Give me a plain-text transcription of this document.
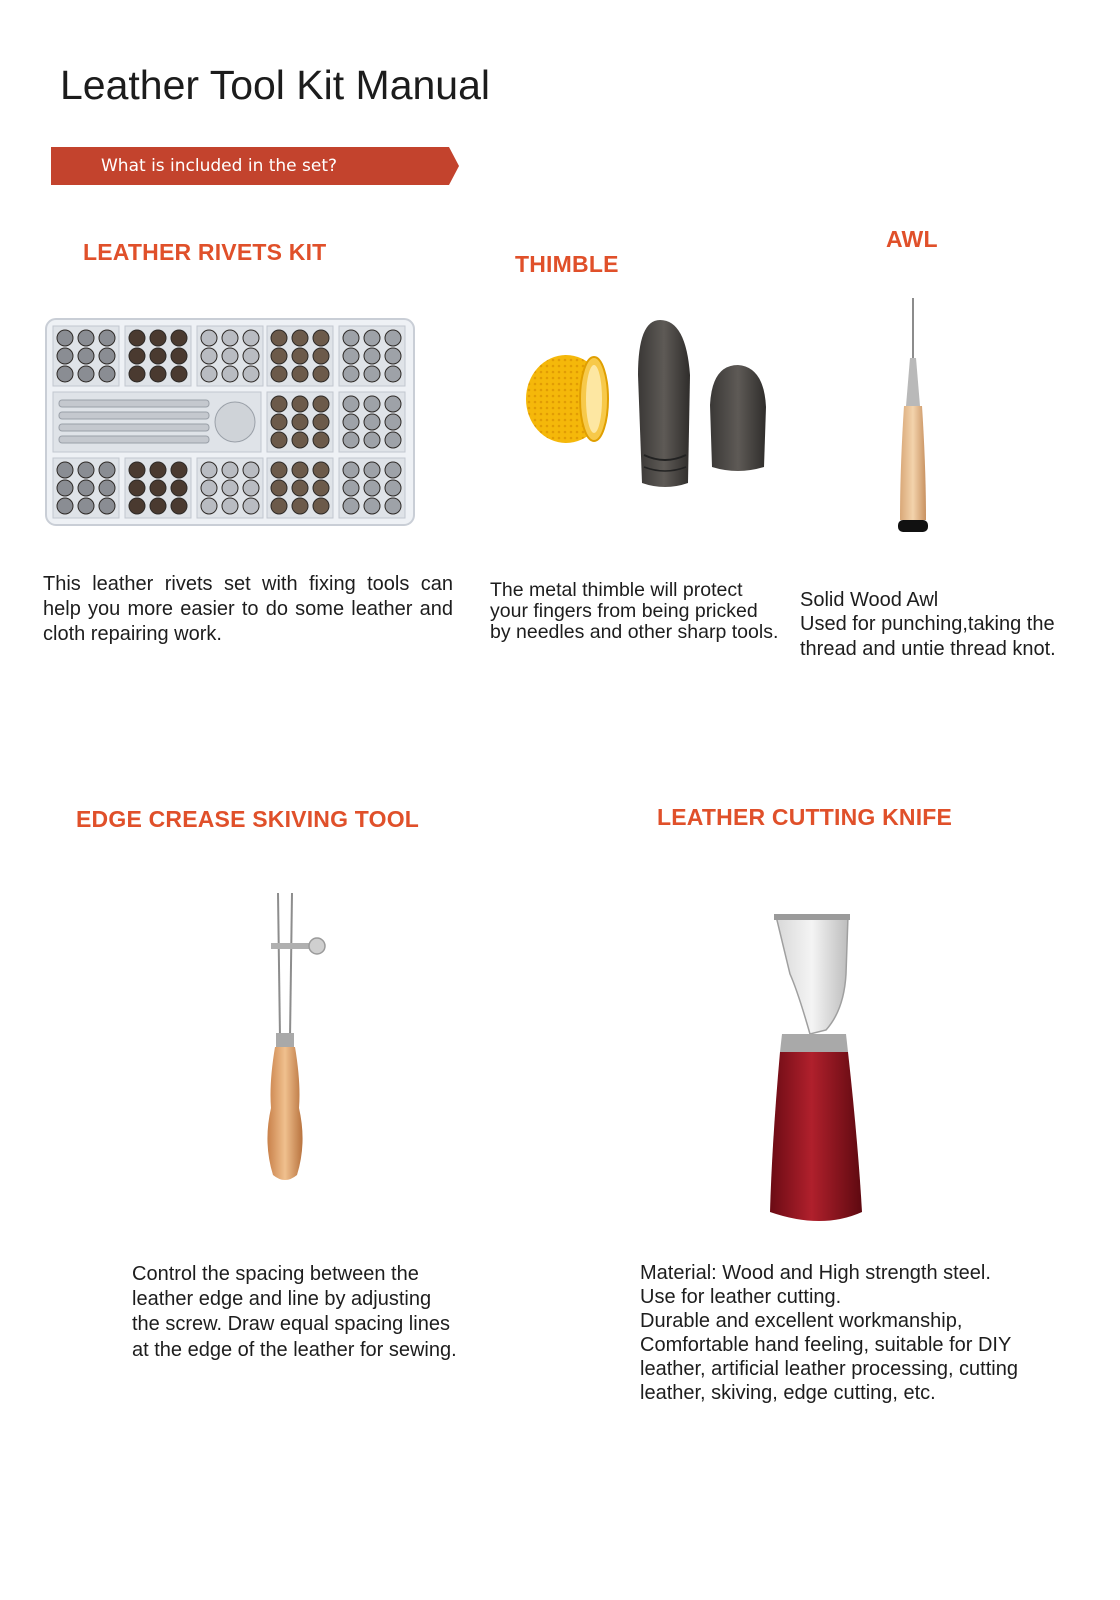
Leather Tool Kit Manual
What is included in the set?
LEATHER RIVETS KIT
This leather rivets set with fixing tools can help you more easier to do some leather and cloth repairing work.
THIMBLE
The metal thimble will protect your fingers from being pricked by needles and other sharp tools.
AWL
Solid Wood Awl
Used for punching,taking the thread and untie thread knot.
EDGE CREASE SKIVING TOOL
Control the spacing between the leather edge and line by adjusting the screw. Draw equal spacing lines at the edge of the leather for sewing.
LEATHER CUTTING KNIFE
Material: Wood and High strength steel.
Use for leather cutting.
Durable and excellent workmanship,
Comfortable hand feeling, suitable for DIY leather, artificial leather processing, cutting leather, skiving, edge cutting, etc.
